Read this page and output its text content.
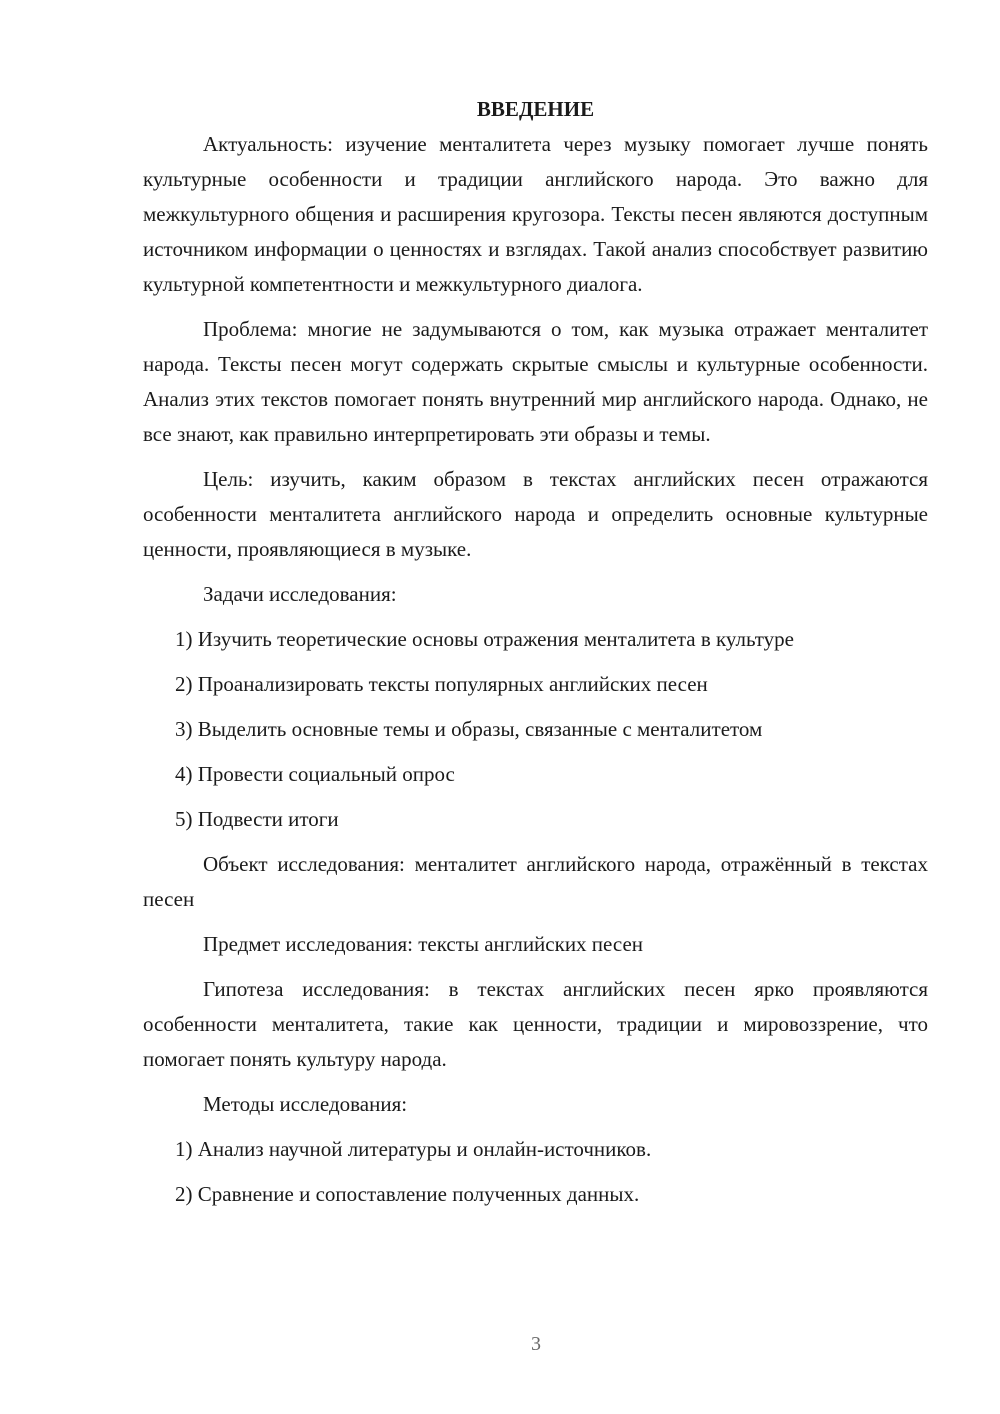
ВВЕДЕНИЕ

Актуальность: изучение менталитета через музыку помогает лучше понять культурные особенности и традиции английского народа. Это важно для межкультурного общения и расширения кругозора. Тексты песен являются доступным источником информации о ценностях и взглядах. Такой анализ способствует развитию культурной компетентности и межкультурного диалога.

Проблема: многие не задумываются о том, как музыка отражает менталитет народа. Тексты песен могут содержать скрытые смыслы и культурные особенности. Анализ этих текстов помогает понять внутренний мир английского народа. Однако, не все знают, как правильно интерпретировать эти образы и темы.

Цель: изучить, каким образом в текстах английских песен отражаются особенности менталитета английского народа и определить основные культурные ценности, проявляющиеся в музыке.

Задачи исследования:

1) Изучить теоретические основы отражения менталитета в культуре

2) Проанализировать тексты популярных английских песен

3) Выделить основные темы и образы, связанные с менталитетом

4) Провести социальный опрос

5) Подвести итоги

Объект исследования: менталитет английского народа, отражённый в текстах песен

Предмет исследования: тексты английских песен

Гипотеза исследования: в текстах английских песен ярко проявляются особенности менталитета, такие как ценности, традиции и мировоззрение, что помогает понять культуру народа.

Методы исследования:

1) Анализ научной литературы и онлайн-источников.

2) Сравнение и сопоставление полученных данных.

3
